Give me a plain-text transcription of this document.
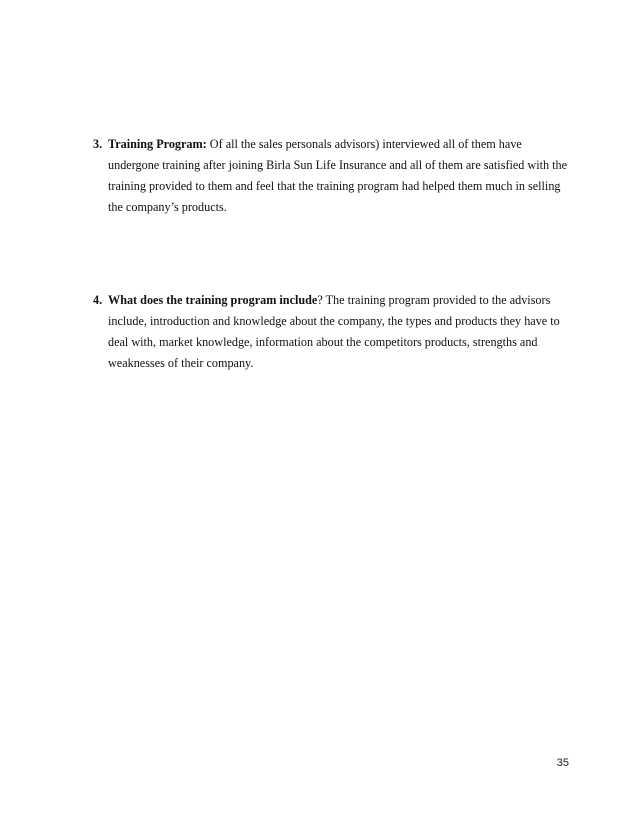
3. Training Program: Of all the sales personals advisors) interviewed all of them have undergone training after joining Birla Sun Life Insurance and all of them are satisfied with the training provided to them and feel that the training program had helped them much in selling the company’s products.
4. What does the training program include? The training program provided to the advisors include, introduction and knowledge about the company, the types and products they have to deal with, market knowledge, information about the competitors products, strengths and weaknesses of their company.
35
